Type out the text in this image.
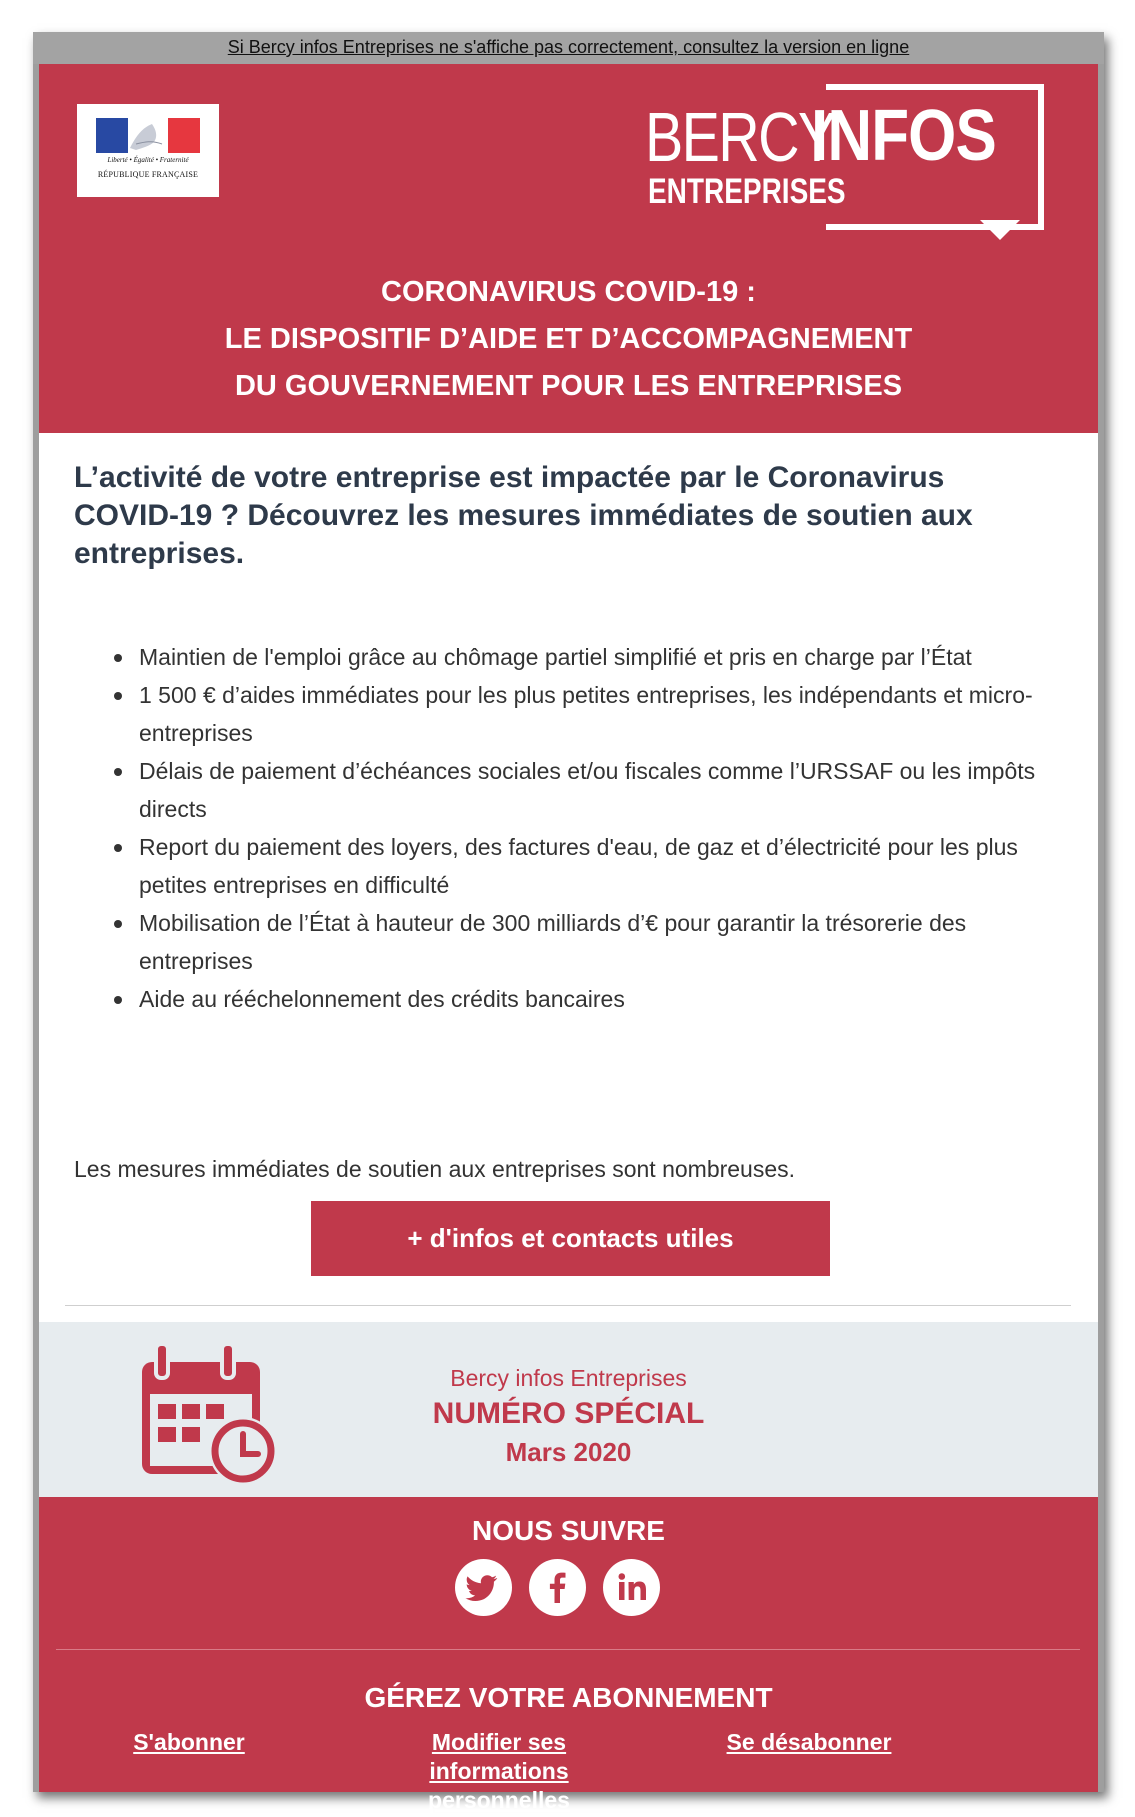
Si Bercy infos Entreprises ne s'affiche pas correctement, consultez la version en ligne
Liberté • Égalité • Fraternité
RÉPUBLIQUE FRANÇAISE	BERCY
INFOS
ENTREPRISES
CORONAVIRUS COVID-19 :
LE DISPOSITIF D’AIDE ET D’ACCOMPAGNEMENT
DU GOUVERNEMENT POUR LES ENTREPRISES
L’activité de votre entreprise est impactée par le Coronavirus COVID-19 ? Découvrez les mesures immédiates de soutien aux entreprises.
Maintien de l'emploi grâce au chômage partiel simplifié et pris en charge par l’État
1 500 € d’aides immédiates pour les plus petites entreprises, les indépendants et micro-entreprises
Délais de paiement d’échéances sociales et/ou fiscales comme l’URSSAF ou les impôts directs
Report du paiement des loyers, des factures d'eau, de gaz et d’électricité pour les plus petites entreprises en difficulté
Mobilisation de l’État à hauteur de 300 milliards d’€ pour garantir la trésorerie des entreprises
Aide au rééchelonnement des crédits bancaires
Les mesures immédiates de soutien aux entreprises sont nombreuses.
+ d'infos et contacts utiles
Bercy infos Entreprises
NUMÉRO SPÉCIAL
Mars 2020
NOUS SUIVRE
GÉREZ VOTRE ABONNEMENT
S'abonner	Modifier ses informations personnelles
Se désabonner
